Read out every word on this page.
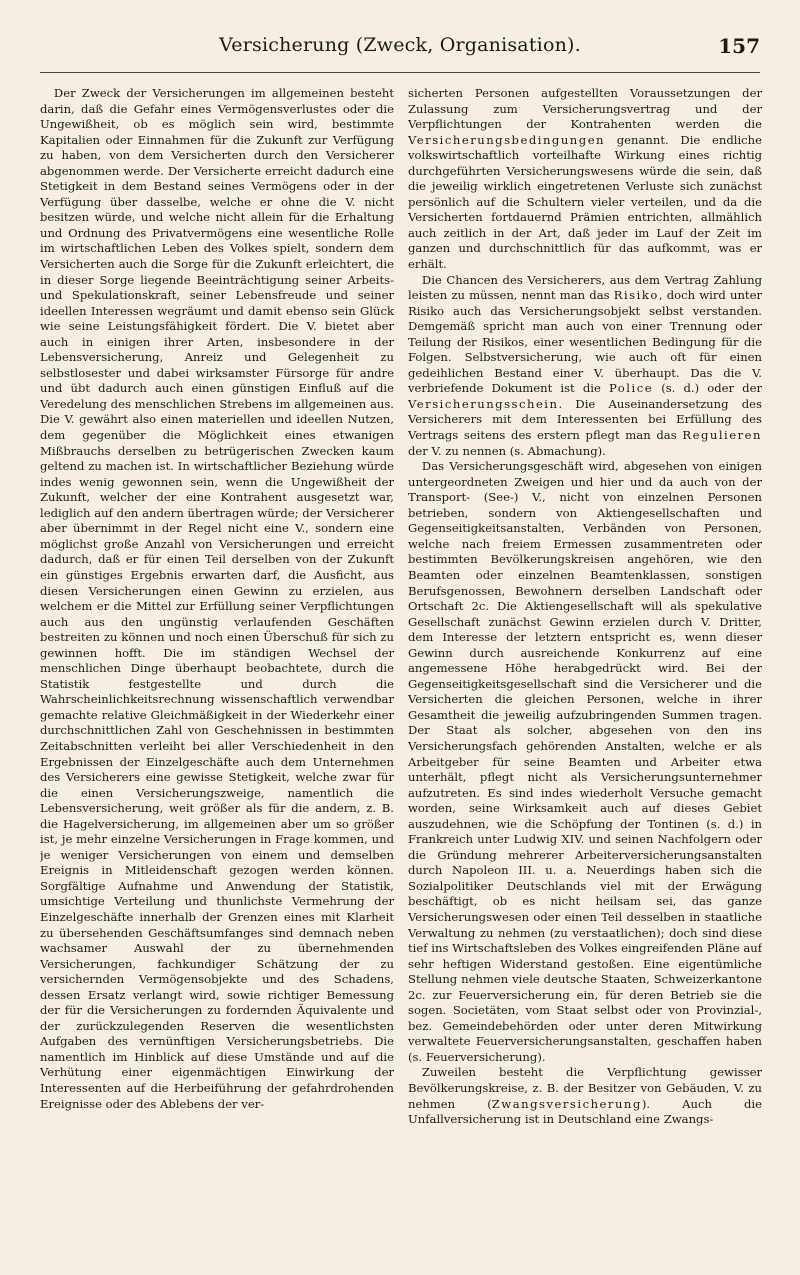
Versicherung (Zweck, Organisation).	157

Der Zweck der Versicherungen im allgemeinen besteht darin, daß die Gefahr eines Vermögensverlustes oder die Ungewißheit, ob es möglich sein wird, bestimmte Kapitalien oder Einnahmen für die Zukunft zur Verfügung zu haben, von dem Versicherten durch den Versicherer abgenommen werde. Der Versicherte erreicht dadurch eine Stetigkeit in dem Bestand seines Vermögens oder in der Verfügung über dasselbe, welche er ohne die V. nicht besitzen würde, und welche nicht allein für die Erhaltung und Ordnung des Privatvermögens eine wesentliche Rolle im wirtschaftlichen Leben des Volkes spielt, sondern dem Versicherten auch die Sorge für die Zukunft erleichtert, die in dieser Sorge liegende Beeinträchtigung seiner Arbeits- und Spekulationskraft, seiner Lebensfreude und seiner ideellen Interessen wegräumt und damit ebenso sein Glück wie seine Leistungsfähigkeit fördert. Die V. bietet aber auch in einigen ihrer Arten, insbesondere in der Lebensversicherung, Anreiz und Gelegenheit zu selbstlosester und dabei wirksamster Fürsorge für andre und übt dadurch auch einen günstigen Einfluß auf die Veredelung des menschlichen Strebens im allgemeinen aus. Die V. gewährt also einen materiellen und ideellen Nutzen, dem gegenüber die Möglichkeit eines etwanigen Mißbrauchs derselben zu betrügerischen Zwecken kaum geltend zu machen ist. In wirtschaftlicher Beziehung würde indes wenig gewonnen sein, wenn die Ungewißheit der Zukunft, welcher der eine Kontrahent ausgesetzt war, lediglich auf den andern übertragen würde; der Versicherer aber übernimmt in der Regel nicht eine V., sondern eine möglichst große Anzahl von Versicherungen und erreicht dadurch, daß er für einen Teil derselben von der Zukunft ein günstiges Ergebnis erwarten darf, die Ausficht, aus diesen Versicherungen einen Gewinn zu erzielen, aus welchem er die Mittel zur Erfüllung seiner Verpflichtungen auch aus den ungünstig verlaufenden Geschäften bestreiten zu können und noch einen Überschuß für sich zu gewinnen hofft. Die im ständigen Wechsel der menschlichen Dinge überhaupt beobachtete, durch die Statistik festgestellte und durch die Wahrscheinlichkeitsrechnung wissenschaftlich verwendbar gemachte relative Gleichmäßigkeit in der Wiederkehr einer durchschnittlichen Zahl von Geschehnissen in bestimmten Zeitabschnitten verleiht bei aller Verschiedenheit in den Ergebnissen der Einzelgeschäfte auch dem Unternehmen des Versicherers eine gewisse Stetigkeit, welche zwar für die einen Versicherungszweige, namentlich die Lebensversicherung, weit größer als für die andern, z. B. die Hagelversicherung, im allgemeinen aber um so größer ist, je mehr einzelne Versicherungen in Frage kommen, und je weniger Versicherungen von einem und demselben Ereignis in Mitleidenschaft gezogen werden können. Sorgfältige Aufnahme und Anwendung der Statistik, umsichtige Verteilung und thunlichste Vermehrung der Einzelgeschäfte innerhalb der Grenzen eines mit Klarheit zu übersehenden Geschäftsumfanges sind demnach neben wachsamer Auswahl der zu übernehmenden Versicherungen, fachkundiger Schätzung der zu versichernden Vermögensobjekte und des Schadens, dessen Ersatz verlangt wird, sowie richtiger Bemessung der für die Versicherungen zu fordernden Äquivalente und der zurückzulegenden Reserven die wesentlichsten Aufgaben des vernünftigen Versicherungsbetriebs. Die namentlich im Hinblick auf diese Umstände und auf die Verhütung einer eigenmächtigen Einwirkung der Interessenten auf die Herbeiführung der gefahrdrohenden Ereignisse oder des Ablebens der ver-

sicherten Personen aufgestellten Voraussetzungen der Zulassung zum Versicherungsvertrag und der Verpflichtungen der Kontrahenten werden die Versicherungsbedingungen genannt. Die endliche volkswirtschaftlich vorteilhafte Wirkung eines richtig durchgeführten Versicherungswesens würde die sein, daß die jeweilig wirklich eingetretenen Verluste sich zunächst persönlich auf die Schultern vieler verteilen, und da die Versicherten fortdauernd Prämien entrichten, allmählich auch zeitlich in der Art, daß jeder im Lauf der Zeit im ganzen und durchschnittlich für das aufkommt, was er erhält.

Die Chancen des Versicherers, aus dem Vertrag Zahlung leisten zu müssen, nennt man das Risiko, doch wird unter Risiko auch das Versicherungsobjekt selbst verstanden. Demgemäß spricht man auch von einer Trennung oder Teilung der Risikos, einer wesentlichen Bedingung für die Folgen. Selbstversicherung, wie auch oft für einen gedeihlichen Bestand einer V. überhaupt. Das die V. verbriefende Dokument ist die Police (s. d.) oder der Versicherungsschein. Die Auseinandersetzung des Versicherers mit dem Interessenten bei Erfüllung des Vertrags seitens des erstern pflegt man das Regulieren der V. zu nennen (s. Abmachung).

Das Versicherungsgeschäft wird, abgesehen von einigen untergeordneten Zweigen und hier und da auch von der Transport- (See-) V., nicht von einzelnen Personen betrieben, sondern von Aktiengesellschaften und Gegenseitigkeitsanstalten, Verbänden von Personen, welche nach freiem Ermessen zusammentreten oder bestimmten Bevölkerungskreisen angehören, wie den Beamten oder einzelnen Beamtenklassen, sonstigen Berufsgenossen, Bewohnern derselben Landschaft oder Ortschaft 2c. Die Aktiengesellschaft will als spekulative Gesellschaft zunächst Gewinn erzielen durch V. Dritter, dem Interesse der letztern entspricht es, wenn dieser Gewinn durch ausreichende Konkurrenz auf eine angemessene Höhe herabgedrückt wird. Bei der Gegenseitigkeitsgesellschaft sind die Versicherer und die Versicherten die gleichen Personen, welche in ihrer Gesamtheit die jeweilig aufzubringenden Summen tragen. Der Staat als solcher, abgesehen von den ins Versicherungsfach gehörenden Anstalten, welche er als Arbeitgeber für seine Beamten und Arbeiter etwa unterhält, pflegt nicht als Versicherungsunternehmer aufzutreten. Es sind indes wiederholt Versuche gemacht worden, seine Wirksamkeit auch auf dieses Gebiet auszudehnen, wie die Schöpfung der Tontinen (s. d.) in Frankreich unter Ludwig XIV. und seinen Nachfolgern oder die Gründung mehrerer Arbeiterversicherungsanstalten durch Napoleon III. u. a. Neuerdings haben sich die Sozialpolitiker Deutschlands viel mit der Erwägung beschäftigt, ob es nicht heilsam sei, das ganze Versicherungswesen oder einen Teil desselben in staatliche Verwaltung zu nehmen (zu verstaatlichen); doch sind diese tief ins Wirtschaftsleben des Volkes eingreifenden Pläne auf sehr heftigen Widerstand gestoßen. Eine eigentümliche Stellung nehmen viele deutsche Staaten, Schweizerkantone 2c. zur Feuerversicherung ein, für deren Betrieb sie die sogen. Societäten, vom Staat selbst oder von Provinzial-, bez. Gemeindebehörden oder unter deren Mitwirkung verwaltete Feuerversicherungsanstalten, geschaffen haben (s. Feuerversicherung).

Zuweilen besteht die Verpflichtung gewisser Bevölkerungskreise, z. B. der Besitzer von Gebäuden, V. zu nehmen (Zwangsversicherung). Auch die Unfallversicherung ist in Deutschland eine Zwangs-
